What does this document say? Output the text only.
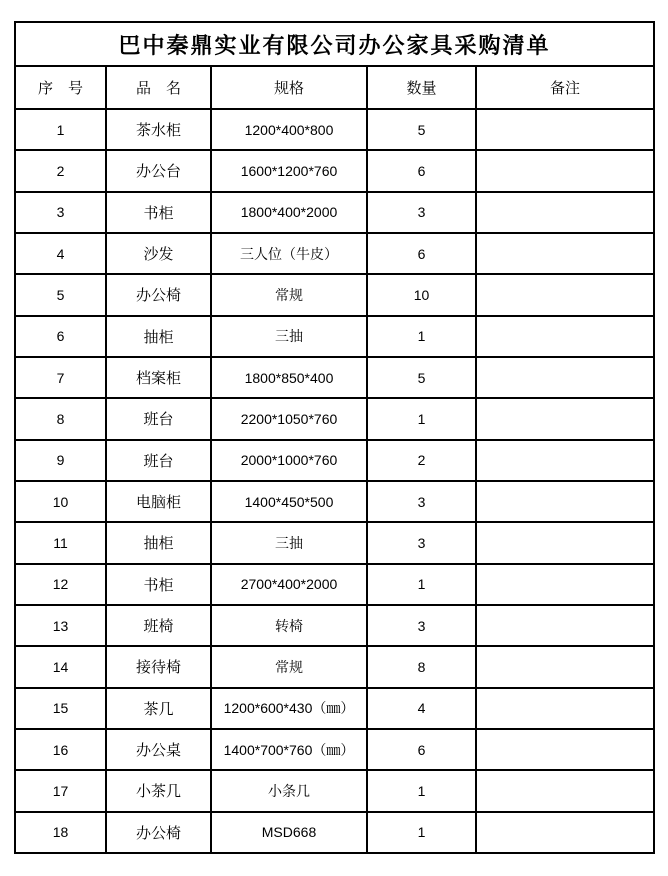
巴中秦鼎实业有限公司办公家具采购清单				
序　号	品　名	规格	数量	备注
1	茶水柜	1200*400*800	5	
2	办公台	1600*1200*760	6	
3	书柜	1800*400*2000	3	
4	沙发	三人位（牛皮）	6	
5	办公椅	常规	10	
6	抽柜	三抽	1	
7	档案柜	1800*850*400	5	
8	班台	2200*1050*760	1	
9	班台	2000*1000*760	2	
10	电脑柜	1400*450*500	3	
11	抽柜	三抽	3	
12	书柜	2700*400*2000	1	
13	班椅	转椅	3	
14	接待椅	常规	8	
15	茶几	1200*600*430（㎜）	4	
16	办公桌	1400*700*760（㎜）	6	
17	小茶几	小条几	1	
18	办公椅	MSD668	1	
